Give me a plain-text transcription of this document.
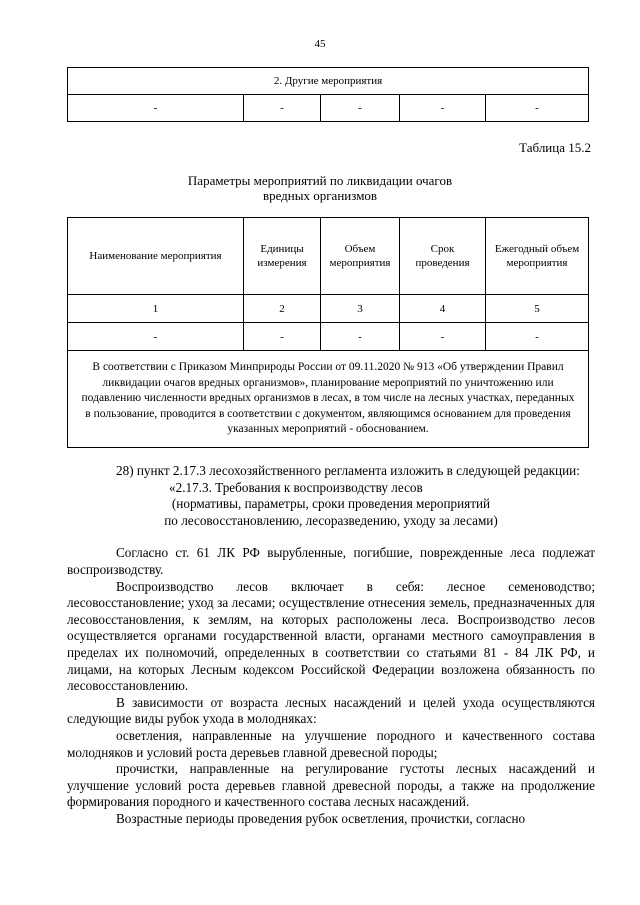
45
2. Другие мероприятия
-	-	-	-	-
Таблица 15.2
Параметры мероприятий по ликвидации очагов
вредных организмов
Наименование мероприятия	Единицы измерения	Объем мероприятия	Срок проведения	Ежегодный объем мероприятия
1	2	3	4	5
-	-	-	-	-
В соответствии с Приказом Минприроды России от 09.11.2020 № 913 «Об утверждении Правил ликвидации очагов вредных организмов», планирование мероприятий по уничтожению или подавлению численности вредных организмов в лесах, в том числе на лесных участках, переданных в пользование, проводится в соответствии с документом, являющимся основанием для проведения указанных мероприятий - обоснованием.				

28) пункт 2.17.3 лесохозяйственного регламента изложить в следующей редакции:

«2.17.3. Требования к воспроизводству лесов

(нормативы, параметры, сроки проведения мероприятий

по лесовосстановлению, лесоразведению, уходу за лесами)

Согласно ст. 61 ЛК РФ вырубленные, погибшие, поврежденные леса подлежат воспроизводству.

Воспроизводство лесов включает в себя: лесное семеноводство; лесовосстановление; уход за лесами; осуществление отнесения земель, предназначенных для лесовосстановления, к землям, на которых расположены леса. Воспроизводство лесов осуществляется органами государственной власти, органами местного самоуправления в пределах их полномочий, определенных в соответствии со статьями 81 - 84 ЛК РФ, и лицами, на которых Лесным кодексом Российской Федерации возложена обязанность по лесовосстановлению.

В зависимости от возраста лесных насаждений и целей ухода осуществляются следующие виды рубок ухода в молодняках:

осветления, направленные на улучшение породного и качественного состава молодняков и условий роста деревьев главной древесной породы;

прочистки, направленные на регулирование густоты лесных насаждений и улучшение условий роста деревьев главной древесной породы, а также на продолжение формирования породного и качественного состава лесных насаждений.

Возрастные периоды проведения рубок осветления, прочистки, согласно
